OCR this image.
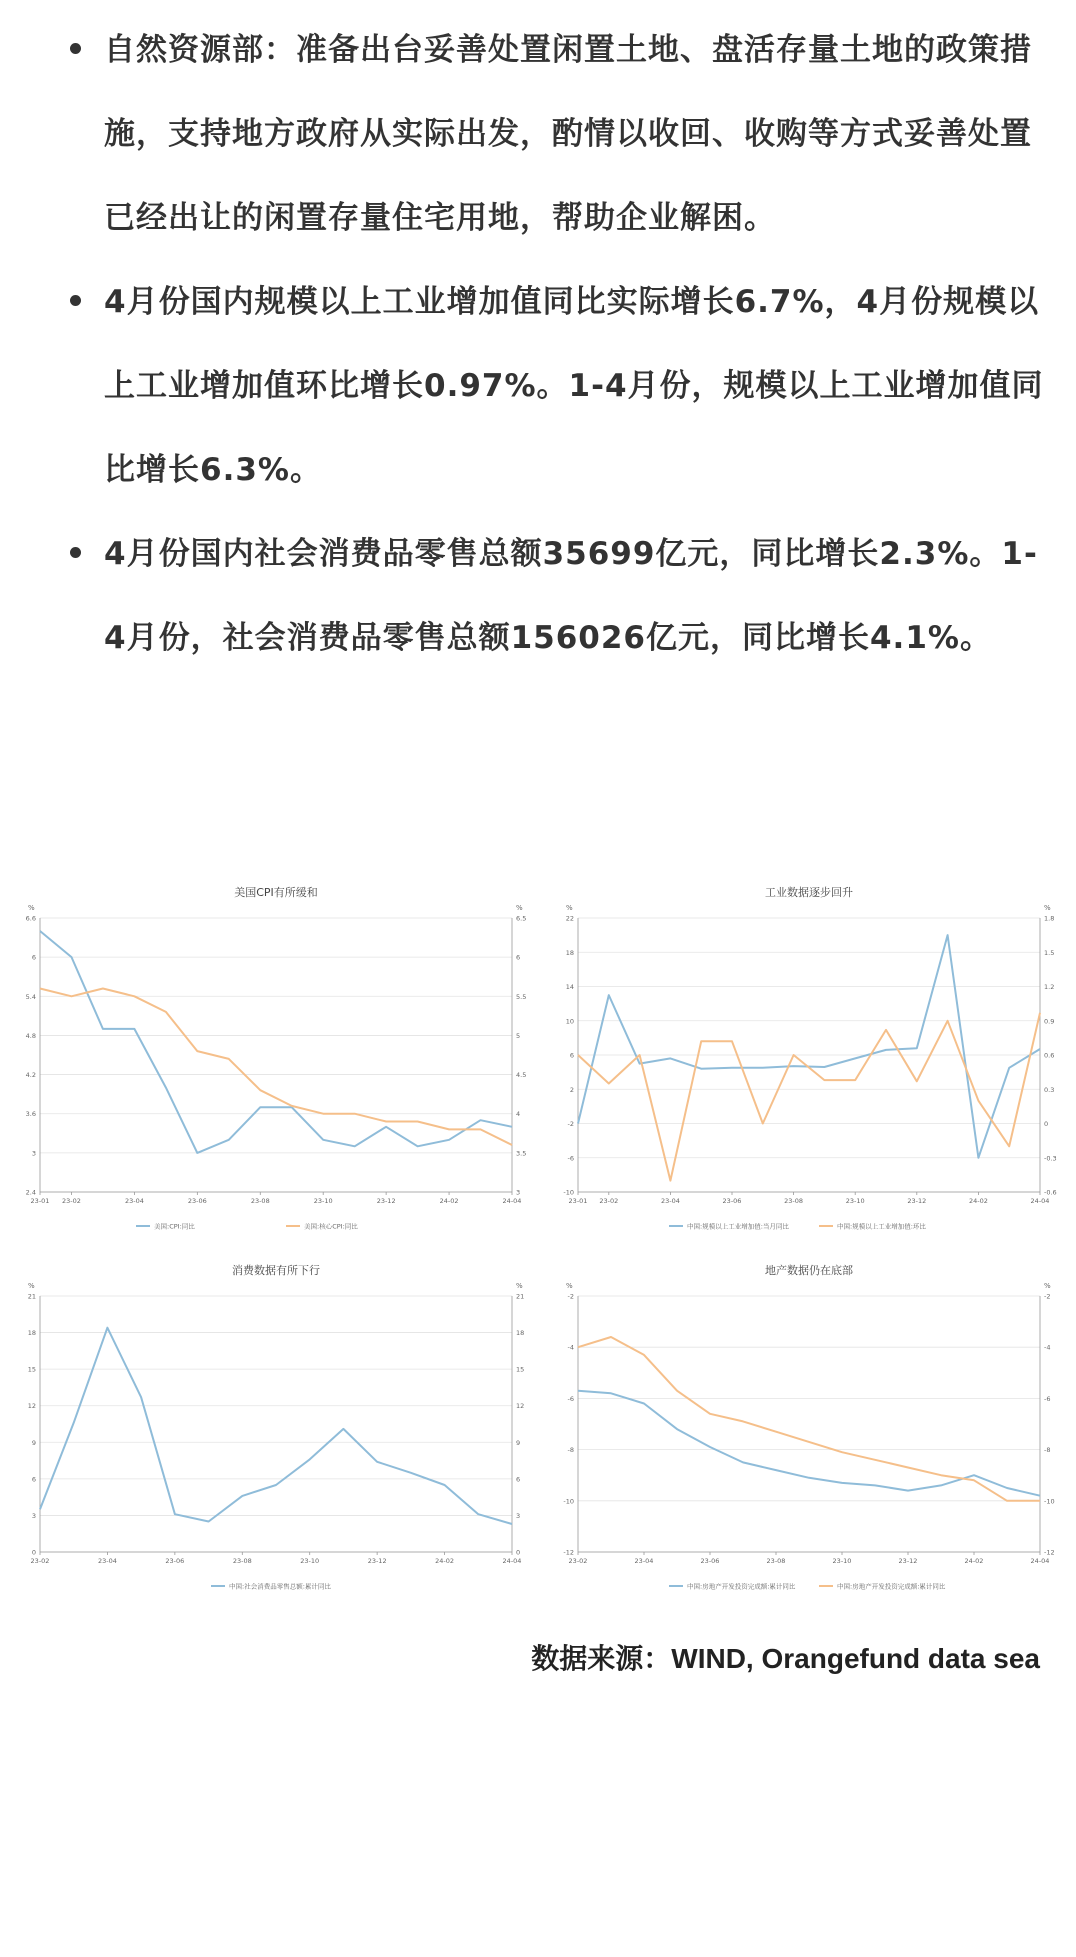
自然资源部：准备出台妥善处置闲置土地、盘活存量土地的政策措施，支持地方政府从实际出发，酌情以收回、收购等方式妥善处置已经出让的闲置存量住宅用地，帮助企业解困。
4月份国内规模以上工业增加值同比实际增长6.7%，4月份规模以上工业增加值环比增长0.97%。1-4月份，规模以上工业增加值同比增长6.3%。
4月份国内社会消费品零售总额35699亿元，同比增长2.3%。1-4月份，社会消费品零售总额156026亿元，同比增长4.1%。
美国CPI有所缓和
%	%
6.6	6.5
6	6
5.4	5.5
4.8	5
4.2	4.5
3.6	4
3	3.5
2.4	3
23-01 23-02	23-04	23-06	23-08	23-10	23-12	24-02	24-04
美国:CPI:同比	美国:核心CPI:同比
工业数据逐步回升
%	%
22	1.8
18	1.5
14	1.2
10	0.9
6	0.6
2	0.3
-2	0
-6	-0.3
-10	-0.6
23-01 23-02	23-04	23-06	23-08	23-10	23-12	24-02	24-04
中国:规模以上工业增加值:当月同比	中国:规模以上工业增加值:环比
消费数据有所下行
%	%
21	21
18	18
15	15
12	12
9	9
6	6
3	3
0	0
23-02	23-04	23-06	23-08	23-10	23-12	24-02	24-04
中国:社会消费品零售总额:累计同比
地产数据仍在底部
%	%
-2	-2
-4	-4
-6	-6
-8	-8
-10	-10
-12	-12
23-02	23-04	23-06	23-08	23-10	23-12	24-02	24-04
中国:房地产开发投资完成额:累计同比	中国:房地产开发投资完成额:累计同比
数据来源：WIND, Orangefund data sea
